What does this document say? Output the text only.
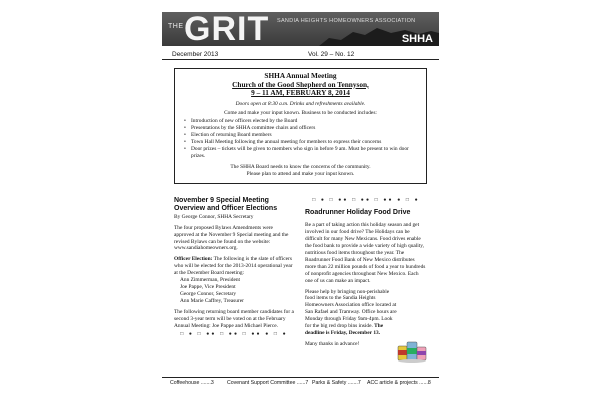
THE GRIT SANDIA HEIGHTS HOMEOWNERS ASSOCIATION
SHHA
December 2013	Vol. 29 – No. 12
SHHA Annual Meeting
Church of the Good Shepherd on Tennyson,
9 – 11 AM, FEBRUARY 8, 2014
Doors open at 8:30 a.m. Drinks and refreshments available.
Come and make your input known. Business to be conducted includes:
• Introduction of new officers elected by the Board
• Presentations by the SHHA committee chairs and officers
• Election of returning Board members
• Town Hall Meeting following the annual meeting for members to express their concerns
• Door prizes – tickets will be given to members who sign in before 9 am. Must be present to win door prizes.
The SHHA Board needs to know the concerns of the community.
Please plan to attend and make your input known.
November 9 Special Meeting
Overview and Officer Elections
By George Connor, SHHA Secretary
The four proposed Bylaws Amendments were approved at the November 9 Special meeting and the revised Bylaws can be found on the website: www.sandiahomeowners.org.
Officer Election: The following is the slate of officers who will be elected for the 2013-2014 operational year at the December Board meeting:
Ann Zimmerman, President
Joe Pappe, Vice President
George Connor, Secretary
Ann Marie Caffrey, Treasurer
The following returning board member candidates for a second 3-year term will be voted on at the February Annual Meeting: Joe Pappe and Michael Pierce.
□ ● □ ●● □ ●● □ ●● ● □ ●
□ ● □ ●● □ ●● □ ●● ● □ ●
Roadrunner Holiday Food Drive
Be a part of taking action this holiday season and get involved in our food drive? The Holidays can be difficult for many New Mexicans. Food drives enable the food bank to provide a wide variety of high quality, nutritious food items throughout the year. The Roadrunner Food Bank of New Mexico distributes more than 22 million pounds of food a year to hundreds of nonprofit agencies throughout New Mexico. Each one of us can make an impact.
Please help by bringing non-perishable food items to the Sandia Heights Homeowners Association office located at San Rafael and Tramway. Office hours are Monday through Friday 9am-4pm. Look for the big red drop bins inside. The deadline is Friday, December 13.
Many thanks in advance!
Coffeehouse .......3	Covenant Support Committee ......7 Parks & Safety .......7 ACC article & projects ......8
